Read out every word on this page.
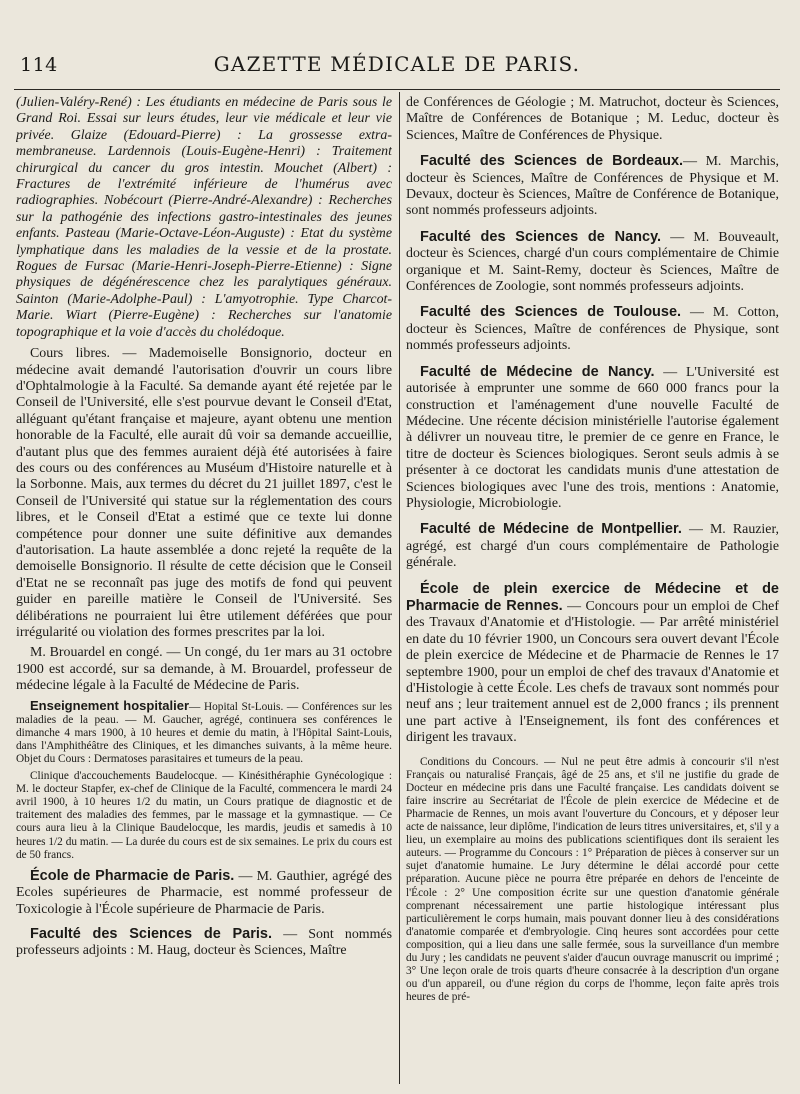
114	GAZETTE MÉDICALE DE PARIS.

(Julien-Valéry-René) : Les étudiants en médecine de Paris sous le Grand Roi. Essai sur leurs études, leur vie médicale et leur vie privée. Glaize (Edouard-Pierre) : La grossesse extra-membraneuse. Lardennois (Louis-Eugène-Henri) : Traitement chirurgical du cancer du gros intestin. Mouchet (Albert) : Fractures de l'extrémité inférieure de l'humérus avec radiographies. Nobécourt (Pierre-André-Alexandre) : Recherches sur la pathogénie des infections gastro-intestinales des jeunes enfants. Pasteau (Marie-Octave-Léon-Auguste) : Etat du système lymphatique dans les maladies de la vessie et de la prostate. Rogues de Fursac (Marie-Henri-Joseph-Pierre-Etienne) : Signe physiques de dégénérescence chez les paralytiques généraux. Sainton (Marie-Adolphe-Paul) : L'amyotrophie. Type Charcot-Marie. Wiart (Pierre-Eugène) : Recherches sur l'anatomie topographique et la voie d'accès du cholédoque.

Cours libres. — Mademoiselle Bonsignorio, docteur en médecine avait demandé l'autorisation d'ouvrir un cours libre d'Ophtalmologie à la Faculté. Sa demande ayant été rejetée par le Conseil de l'Université, elle s'est pourvue devant le Conseil d'Etat, alléguant qu'étant française et majeure, ayant obtenu une mention honorable de la Faculté, elle aurait dû voir sa demande accueillie, d'autant plus que des femmes auraient déjà été autorisées à faire des cours ou des conférences au Muséum d'Histoire naturelle et à la Sorbonne. Mais, aux termes du décret du 21 juillet 1897, c'est le Conseil de l'Université qui statue sur la réglementation des cours libres, et le Conseil d'Etat a estimé que ce texte lui donne compétence pour donner une suite définitive aux demandes d'autorisation. La haute assemblée a donc rejeté la requête de la demoiselle Bonsignorio. Il résulte de cette décision que le Conseil d'Etat ne se reconnaît pas juge des motifs de fond qui peuvent guider en pareille matière le Conseil de l'Université. Ses délibérations ne pourraient lui être utilement déférées que pour irrégularité ou violation des formes prescrites par la loi.

M. Brouardel en congé. — Un congé, du 1er mars au 31 octobre 1900 est accordé, sur sa demande, à M. Brouardel, professeur de médecine légale à la Faculté de Médecine de Paris.

Enseignement hospitalier— Hopital St-Louis. — Conférences sur les maladies de la peau. — M. Gaucher, agrégé, continuera ses conférences le dimanche 4 mars 1900, à 10 heures et demie du matin, à l'Hôpital Saint-Louis, dans l'Amphithéâtre des Cliniques, et les dimanches suivants, à la même heure. Objet du Cours : Dermatoses parasitaires et tumeurs de la peau.

Clinique d'accouchements Baudelocque. — Kinésithéraphie Gynécologique : M. le docteur Stapfer, ex-chef de Clinique de la Faculté, commencera le mardi 24 avril 1900, à 10 heures 1/2 du matin, un Cours pratique de diagnostic et de traitement des maladies des femmes, par le massage et la gymnastique. — Ce cours aura lieu à la Clinique Baudelocque, les mardis, jeudis et samedis à 10 heures 1/2 du matin. — La durée du cours est de six semaines. Le prix du cours est de 50 francs.

École de Pharmacie de Paris. — M. Gauthier, agrégé des Ecoles supérieures de Pharmacie, est nommé professeur de Toxicologie à l'École supérieure de Pharmacie de Paris.

Faculté des Sciences de Paris. — Sont nommés professeurs adjoints : M. Haug, docteur ès Sciences, Maître

de Conférences de Géologie ; M. Matruchot, docteur ès Sciences, Maître de Conférences de Botanique ; M. Leduc, docteur ès Sciences, Maître de Conférences de Physique.

Faculté des Sciences de Bordeaux.— M. Marchis, docteur ès Sciences, Maître de Conférences de Physique et M. Devaux, docteur ès Sciences, Maître de Conférence de Botanique, sont nommés professeurs adjoints.

Faculté des Sciences de Nancy. — M. Bouveault, docteur ès Sciences, chargé d'un cours complémentaire de Chimie organique et M. Saint-Remy, docteur ès Sciences, Maître de Conférences de Zoologie, sont nommés professeurs adjoints.

Faculté des Sciences de Toulouse. — M. Cotton, docteur ès Sciences, Maître de conférences de Physique, sont nommés professeurs adjoints.

Faculté de Médecine de Nancy. — L'Université est autorisée à emprunter une somme de 660 000 francs pour la construction et l'aménagement d'une nouvelle Faculté de Médecine. Une récente décision ministérielle l'autorise également à délivrer un nouveau titre, le premier de ce genre en France, le titre de docteur ès Sciences biologiques. Seront seuls admis à se présenter à ce doctorat les candidats munis d'une attestation de Sciences biologiques avec l'une des trois, mentions : Anatomie, Physiologie, Microbiologie.

Faculté de Médecine de Montpellier. — M. Rauzier, agrégé, est chargé d'un cours complémentaire de Pathologie générale.

École de plein exercice de Médecine et de Pharmacie de Rennes. — Concours pour un emploi de Chef des Travaux d'Anatomie et d'Histologie. — Par arrêté ministériel en date du 10 février 1900, un Concours sera ouvert devant l'École de plein exercice de Médecine et de Pharmacie de Rennes le 17 septembre 1900, pour un emploi de chef des travaux d'Anatomie et d'Histologie à cette École. Les chefs de travaux sont nommés pour neuf ans ; leur traitement annuel est de 2,000 francs ; ils prennent une part active à l'Enseignement, ils font des conférences et dirigent les travaux.

Conditions du Concours. — Nul ne peut être admis à concourir s'il n'est Français ou naturalisé Français, âgé de 25 ans, et s'il ne justifie du grade de Docteur en médecine pris dans une Faculté française. Les candidats doivent se faire inscrire au Secrétariat de l'École de plein exercice de Médecine et de Pharmacie de Rennes, un mois avant l'ouverture du Concours, et y déposer leur acte de naissance, leur diplôme, l'indication de leurs titres universitaires, et, s'il y a lieu, un exemplaire au moins des publications scientifiques dont ils seraient les auteurs. — Programme du Concours : 1° Préparation de pièces à conserver sur un sujet d'anatomie humaine. Le Jury détermine le délai accordé pour cette préparation. Aucune pièce ne pourra être préparée en dehors de l'enceinte de l'École : 2° Une composition écrite sur une question d'anatomie générale comprenant nécessairement une partie histologique intéressant plus particulièrement le corps humain, mais pouvant donner lieu à des considérations d'anatomie comparée et d'embryologie. Cinq heures sont accordées pour cette composition, qui a lieu dans une salle fermée, sous la surveillance d'un membre du Jury ; les candidats ne peuvent s'aider d'aucun ouvrage manuscrit ou imprimé ; 3° Une leçon orale de trois quarts d'heure consacrée à la description d'un organe ou d'un appareil, ou d'une région du corps de l'homme, leçon faite après trois heures de pré-
